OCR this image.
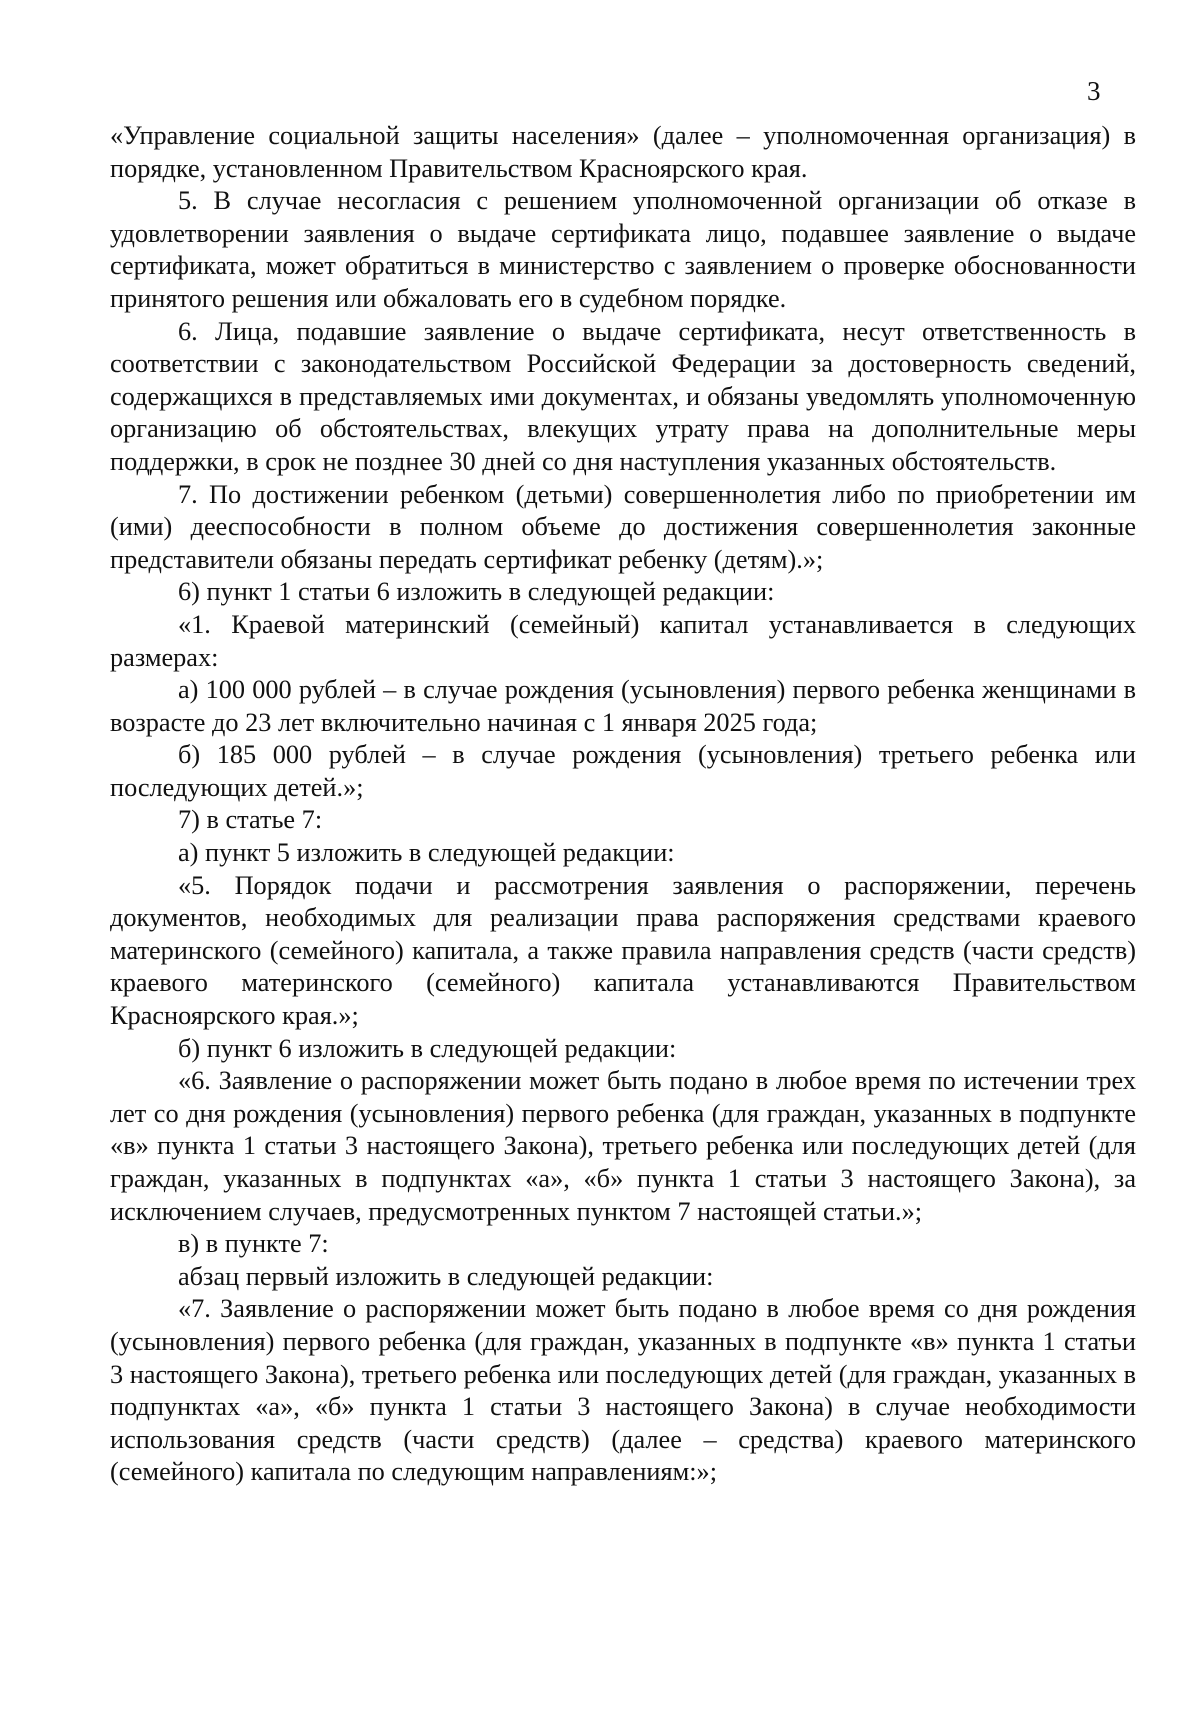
3

«Управление социальной защиты населения» (далее – уполномоченная организация) в порядке, установленном Правительством Красноярского края.

5. В случае несогласия с решением уполномоченной организации об отказе в удовлетворении заявления о выдаче сертификата лицо, подавшее заявление о выдаче сертификата, может обратиться в министерство с заявлением о проверке обоснованности принятого решения или обжаловать его в судебном порядке.

6. Лица, подавшие заявление о выдаче сертификата, несут ответственность в соответствии с законодательством Российской Федерации за достоверность сведений, содержащихся в представляемых ими документах, и обязаны уведомлять уполномоченную организацию об обстоятельствах, влекущих утрату права на дополнительные меры поддержки, в срок не позднее 30 дней со дня наступления указанных обстоятельств.

7. По достижении ребенком (детьми) совершеннолетия либо по приобретении им (ими) дееспособности в полном объеме до достижения совершеннолетия законные представители обязаны передать сертификат ребенку (детям).»;

6) пункт 1 статьи 6 изложить в следующей редакции:

«1. Краевой материнский (семейный) капитал устанавливается в следующих размерах:

а) 100 000 рублей – в случае рождения (усыновления) первого ребенка женщинами в возрасте до 23 лет включительно начиная с 1 января 2025 года;

б) 185 000 рублей – в случае рождения (усыновления) третьего ребенка или последующих детей.»;

7) в статье 7:

а) пункт 5 изложить в следующей редакции:

«5. Порядок подачи и рассмотрения заявления о распоряжении, перечень документов, необходимых для реализации права распоряжения средствами краевого материнского (семейного) капитала, а также правила направления средств (части средств) краевого материнского (семейного) капитала устанавливаются Правительством Красноярского края.»;

б) пункт 6 изложить в следующей редакции:

«6. Заявление о распоряжении может быть подано в любое время по истечении трех лет со дня рождения (усыновления) первого ребенка (для граждан, указанных в подпункте «в» пункта 1 статьи 3 настоящего Закона), третьего ребенка или последующих детей (для граждан, указанных в подпунктах «а», «б» пункта 1 статьи 3 настоящего Закона), за исключением случаев, предусмотренных пунктом 7 настоящей статьи.»;

в) в пункте 7:

абзац первый изложить в следующей редакции:

«7. Заявление о распоряжении может быть подано в любое время со дня рождения (усыновления) первого ребенка (для граждан, указанных в подпункте «в» пункта 1 статьи 3 настоящего Закона), третьего ребенка или последующих детей (для граждан, указанных в подпунктах «а», «б» пункта 1 статьи 3 настоящего Закона) в случае необходимости использования средств (части средств) (далее – средства) краевого материнского (семейного) капитала по следующим направлениям:»;
